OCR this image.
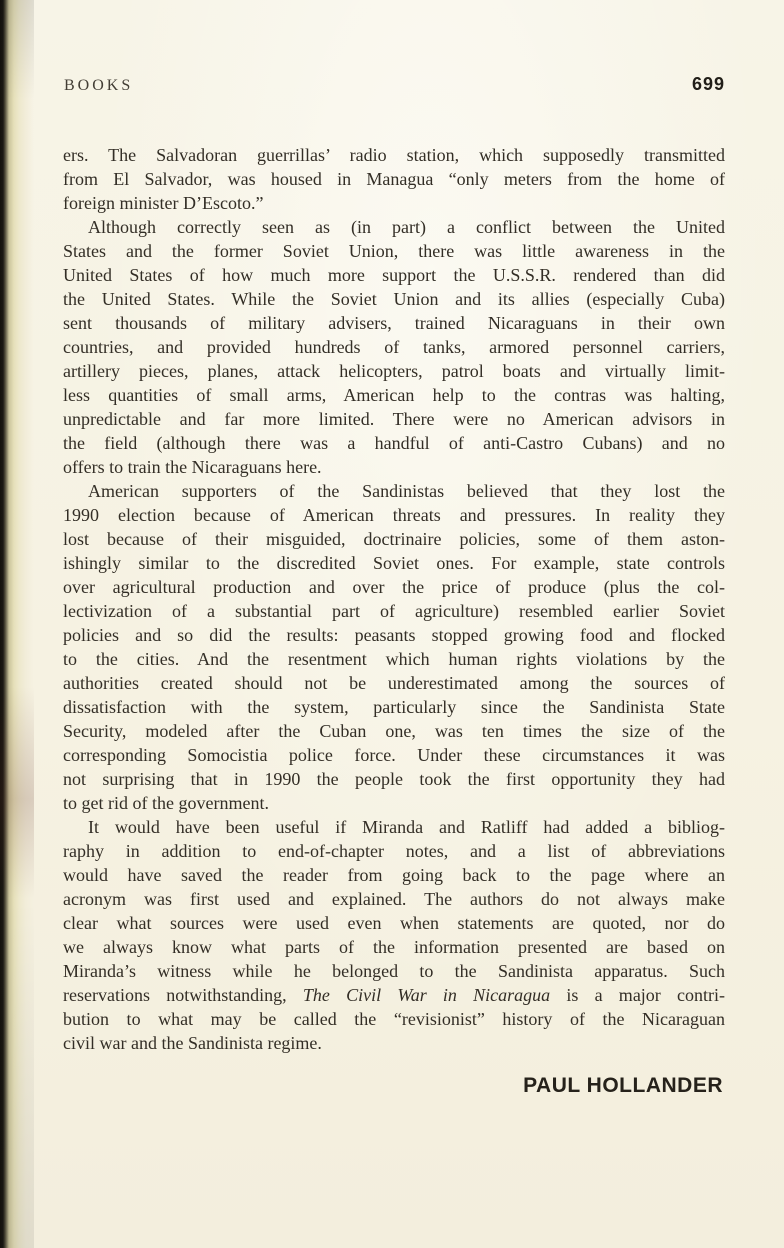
BOOKS	699
ers. The Salvadoran guerrillas’ radio station, which supposedly transmitted
from El Salvador, was housed in Managua “only meters from the home of
foreign minister D’Escoto.”
Although correctly seen as (in part) a conflict between the United
States and the former Soviet Union, there was little awareness in the
United States of how much more support the U.S.S.R. rendered than did
the United States. While the Soviet Union and its allies (especially Cuba)
sent thousands of military advisers, trained Nicaraguans in their own
countries, and provided hundreds of tanks, armored personnel carriers,
artillery pieces, planes, attack helicopters, patrol boats and virtually limit-
less quantities of small arms, American help to the contras was halting,
unpredictable and far more limited. There were no American advisors in
the field (although there was a handful of anti-Castro Cubans) and no
offers to train the Nicaraguans here.
American supporters of the Sandinistas believed that they lost the
1990 election because of American threats and pressures. In reality they
lost because of their misguided, doctrinaire policies, some of them aston-
ishingly similar to the discredited Soviet ones. For example, state controls
over agricultural production and over the price of produce (plus the col-
lectivization of a substantial part of agriculture) resembled earlier Soviet
policies and so did the results: peasants stopped growing food and flocked
to the cities. And the resentment which human rights violations by the
authorities created should not be underestimated among the sources of
dissatisfaction with the system, particularly since the Sandinista State
Security, modeled after the Cuban one, was ten times the size of the
corresponding Somocistia police force. Under these circumstances it was
not surprising that in 1990 the people took the first opportunity they had
to get rid of the government.
It would have been useful if Miranda and Ratliff had added a bibliog-
raphy in addition to end-of-chapter notes, and a list of abbreviations
would have saved the reader from going back to the page where an
acronym was first used and explained. The authors do not always make
clear what sources were used even when statements are quoted, nor do
we always know what parts of the information presented are based on
Miranda’s witness while he belonged to the Sandinista apparatus. Such
reservations notwithstanding, The Civil War in Nicaragua is a major contri-
bution to what may be called the “revisionist” history of the Nicaraguan
civil war and the Sandinista regime.
PAUL HOLLANDER
